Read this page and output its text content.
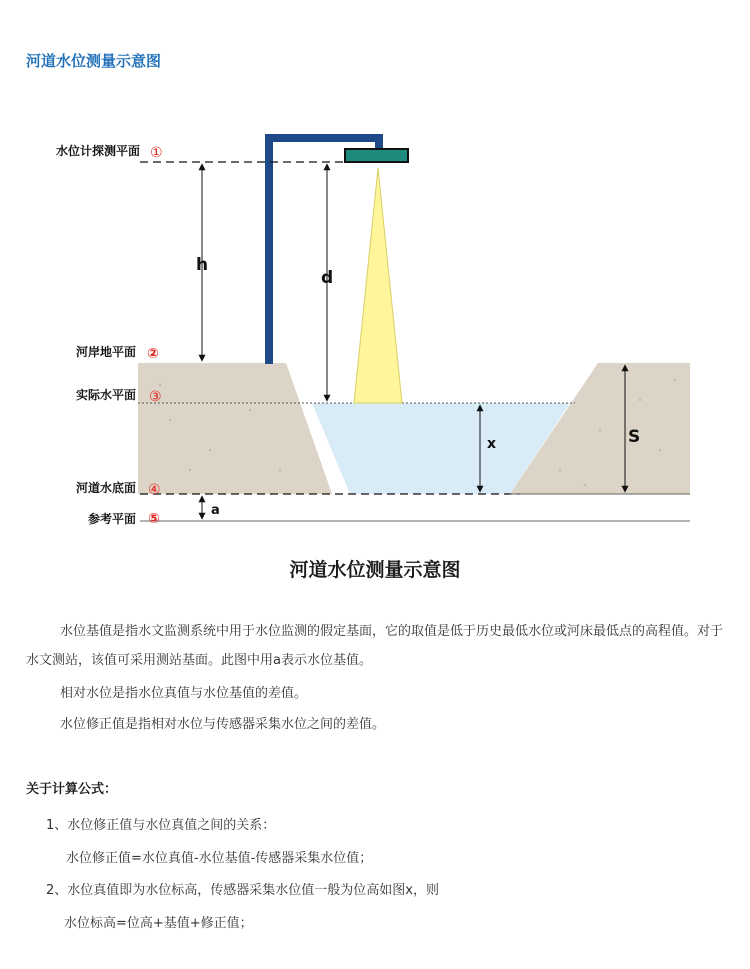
河道水位测量示意图
h
d
x	S
a
水位计探测平面 ①
河岸地平面 ②
实际水平面 ③
河道水底面 ④
参考平面 ⑤
河道水位测量示意图
水位基值是指水文监测系统中用于水位监测的假定基面，它的取值是低于历史最低水位或河床最低点的高程值。对于水文测站，该值可采用测站基面。此图中用a表示水位基值。
相对水位是指水位真值与水位基值的差值。
水位修正值是指相对水位与传感器采集水位之间的差值。
关于计算公式：
1、水位修正值与水位真值之间的关系：
水位修正值=水位真值-水位基值-传感器采集水位值；
2、水位真值即为水位标高，传感器采集水位值一般为位高如图x，则
水位标高=位高+基值+修正值；
